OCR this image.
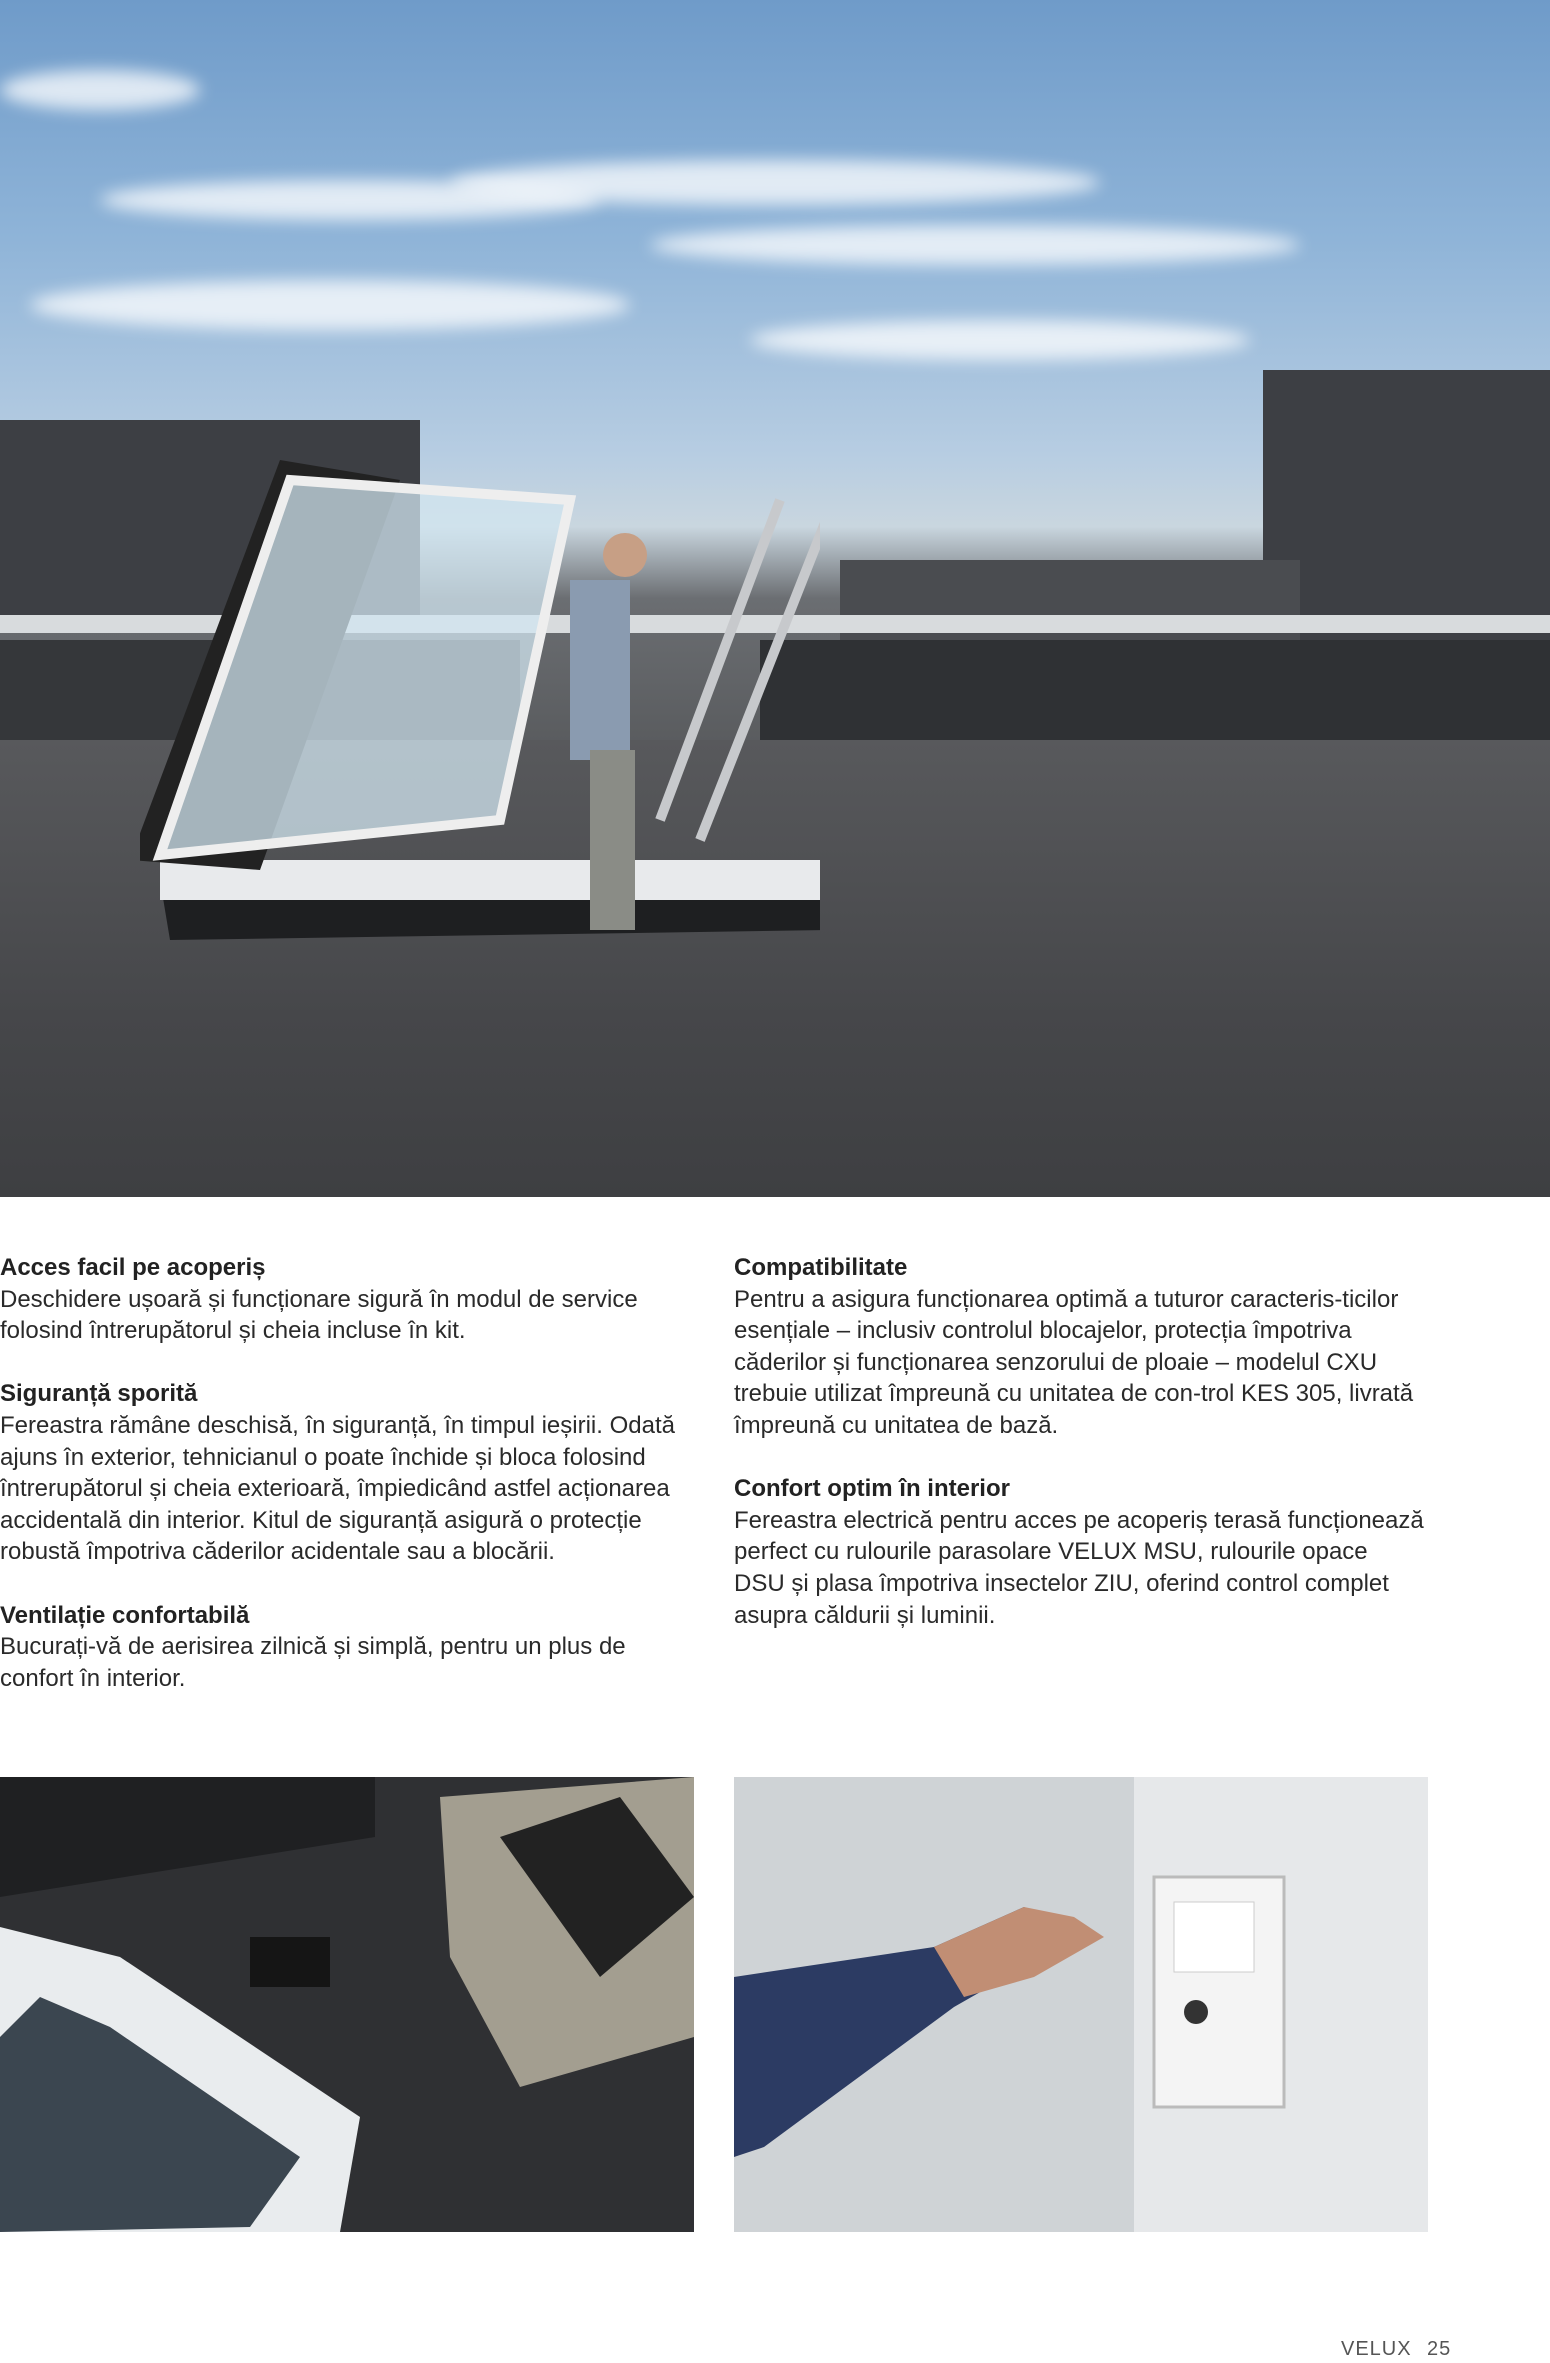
Acces facil pe acoperiș

Deschidere ușoară și funcționare sigură în modul de service folosind întrerupătorul și cheia incluse în kit.

Siguranță sporită

Fereastra rămâne deschisă, în siguranță, în timpul ieșirii. Odată ajuns în exterior, tehnicianul o poate închide și bloca folosind întrerupătorul și cheia exterioară, împiedicând astfel acționarea accidentală din interior. Kitul de siguranță asigură o protecție robustă împotriva căderilor acidentale sau a blocării.

Ventilație confortabilă

Bucurați-vă de aerisirea zilnică și simplă, pentru un plus de confort în interior.

Compatibilitate

Pentru a asigura funcționarea optimă a tuturor caracteris-ticilor esențiale – inclusiv controlul blocajelor, protecția împotriva căderilor și funcționarea senzorului de ploaie – modelul CXU trebuie utilizat împreună cu unitatea de con-trol KES 305, livrată împreună cu unitatea de bază.

Confort optim în interior

Fereastra electrică pentru acces pe acoperiș terasă funcționează perfect cu rulourile parasolare VELUX MSU, rulourile opace DSU și plasa împotriva insectelor ZIU, oferind control complet asupra căldurii și luminii.

VELUX 25
